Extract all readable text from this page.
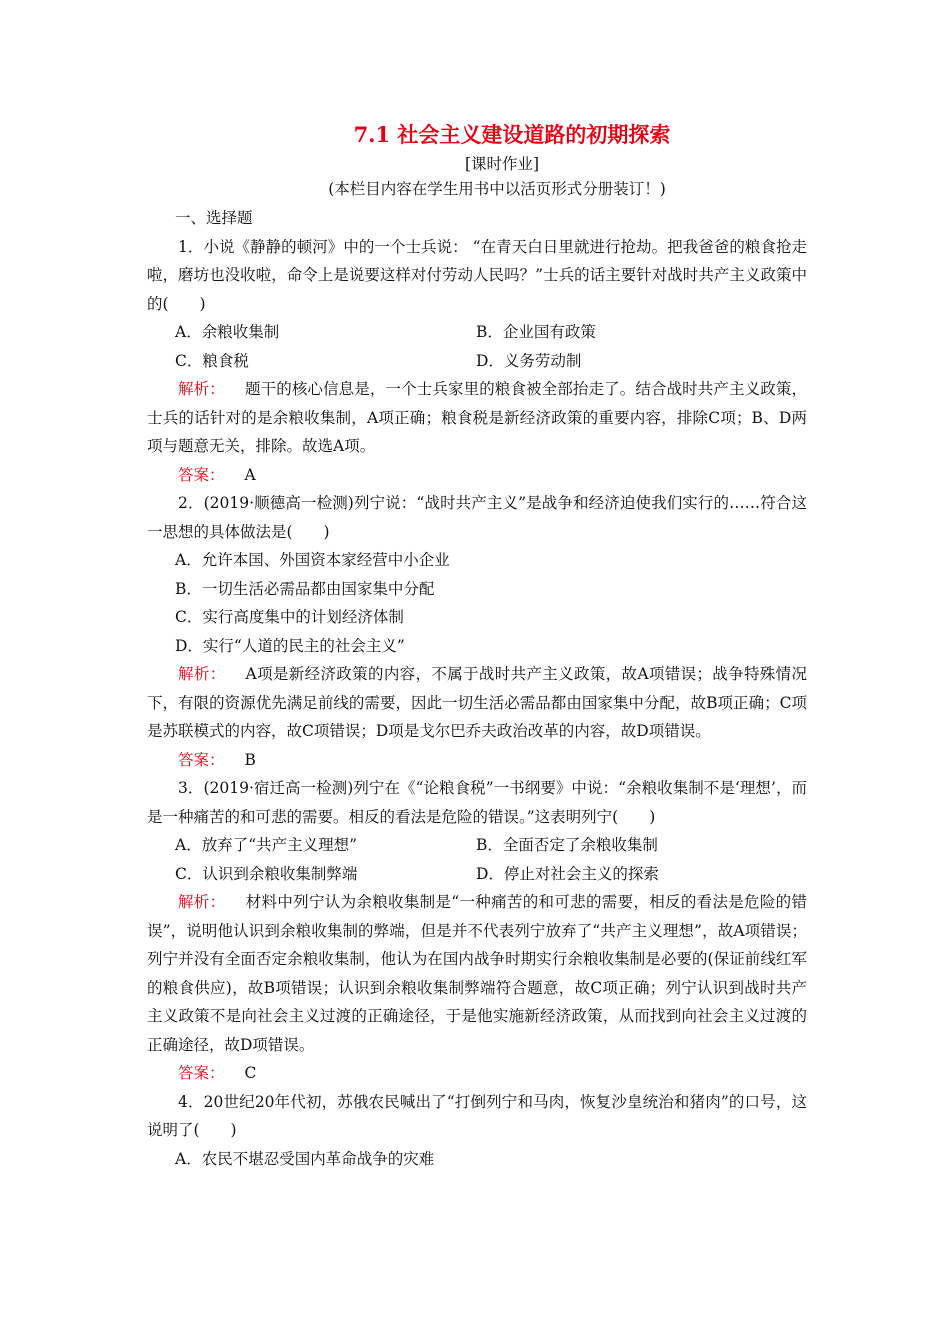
7.1 社会主义建设道路的初期探索
[课时作业]
(本栏目内容在学生用书中以活页形式分册装订！)
一、选择题

1．小说《静静的顿河》中的一个士兵说： “在青天白日里就进行抢劫。把我爸爸的粮食抢走啦，磨坊也没收啦，命令上是说要这样对付劳动人民吗？”士兵的话主要针对战时共产主义政策中的(　　)

A．余粮收集制	B．企业国有政策
C．粮食税	D．义务劳动制

解析： 题干的核心信息是，一个士兵家里的粮食被全部抬走了。结合战时共产主义政策，士兵的话针对的是余粮收集制，A项正确；粮食税是新经济政策的重要内容，排除C项；B、D两项与题意无关，排除。故选A项。

答案： A

2．(2019·顺德高一检测)列宁说：“战时共产主义”是战争和经济迫使我们实行的……符合这一思想的具体做法是(　　)

A．允许本国、外国资本家经营中小企业

B．一切生活必需品都由国家集中分配

C．实行高度集中的计划经济体制

D．实行“人道的民主的社会主义”

解析： A项是新经济政策的内容，不属于战时共产主义政策，故A项错误；战争特殊情况下，有限的资源优先满足前线的需要，因此一切生活必需品都由国家集中分配，故B项正确；C项是苏联模式的内容，故C项错误；D项是戈尔巴乔夫政治改革的内容，故D项错误。

答案： B

3．(2019·宿迁高一检测)列宁在《“论粮食税”一书纲要》中说：“余粮收集制不是‘理想’，而是一种痛苦的和可悲的需要。相反的看法是危险的错误。”这表明列宁(　　)

A．放弃了“共产主义理想”	B．全面否定了余粮收集制
C．认识到余粮收集制弊端	D．停止对社会主义的探索

解析： 材料中列宁认为余粮收集制是“一种痛苦的和可悲的需要，相反的看法是危险的错误”，说明他认识到余粮收集制的弊端，但是并不代表列宁放弃了“共产主义理想”，故A项错误；列宁并没有全面否定余粮收集制，他认为在国内战争时期实行余粮收集制是必要的(保证前线红军的粮食供应)，故B项错误；认识到余粮收集制弊端符合题意，故C项正确；列宁认识到战时共产主义政策不是向社会主义过渡的正确途径，于是他实施新经济政策，从而找到向社会主义过渡的正确途径，故D项错误。

答案： C

4．20世纪20年代初，苏俄农民喊出了“打倒列宁和马肉，恢复沙皇统治和猪肉”的口号，这说明了(　　)

A．农民不堪忍受国内革命战争的灾难
